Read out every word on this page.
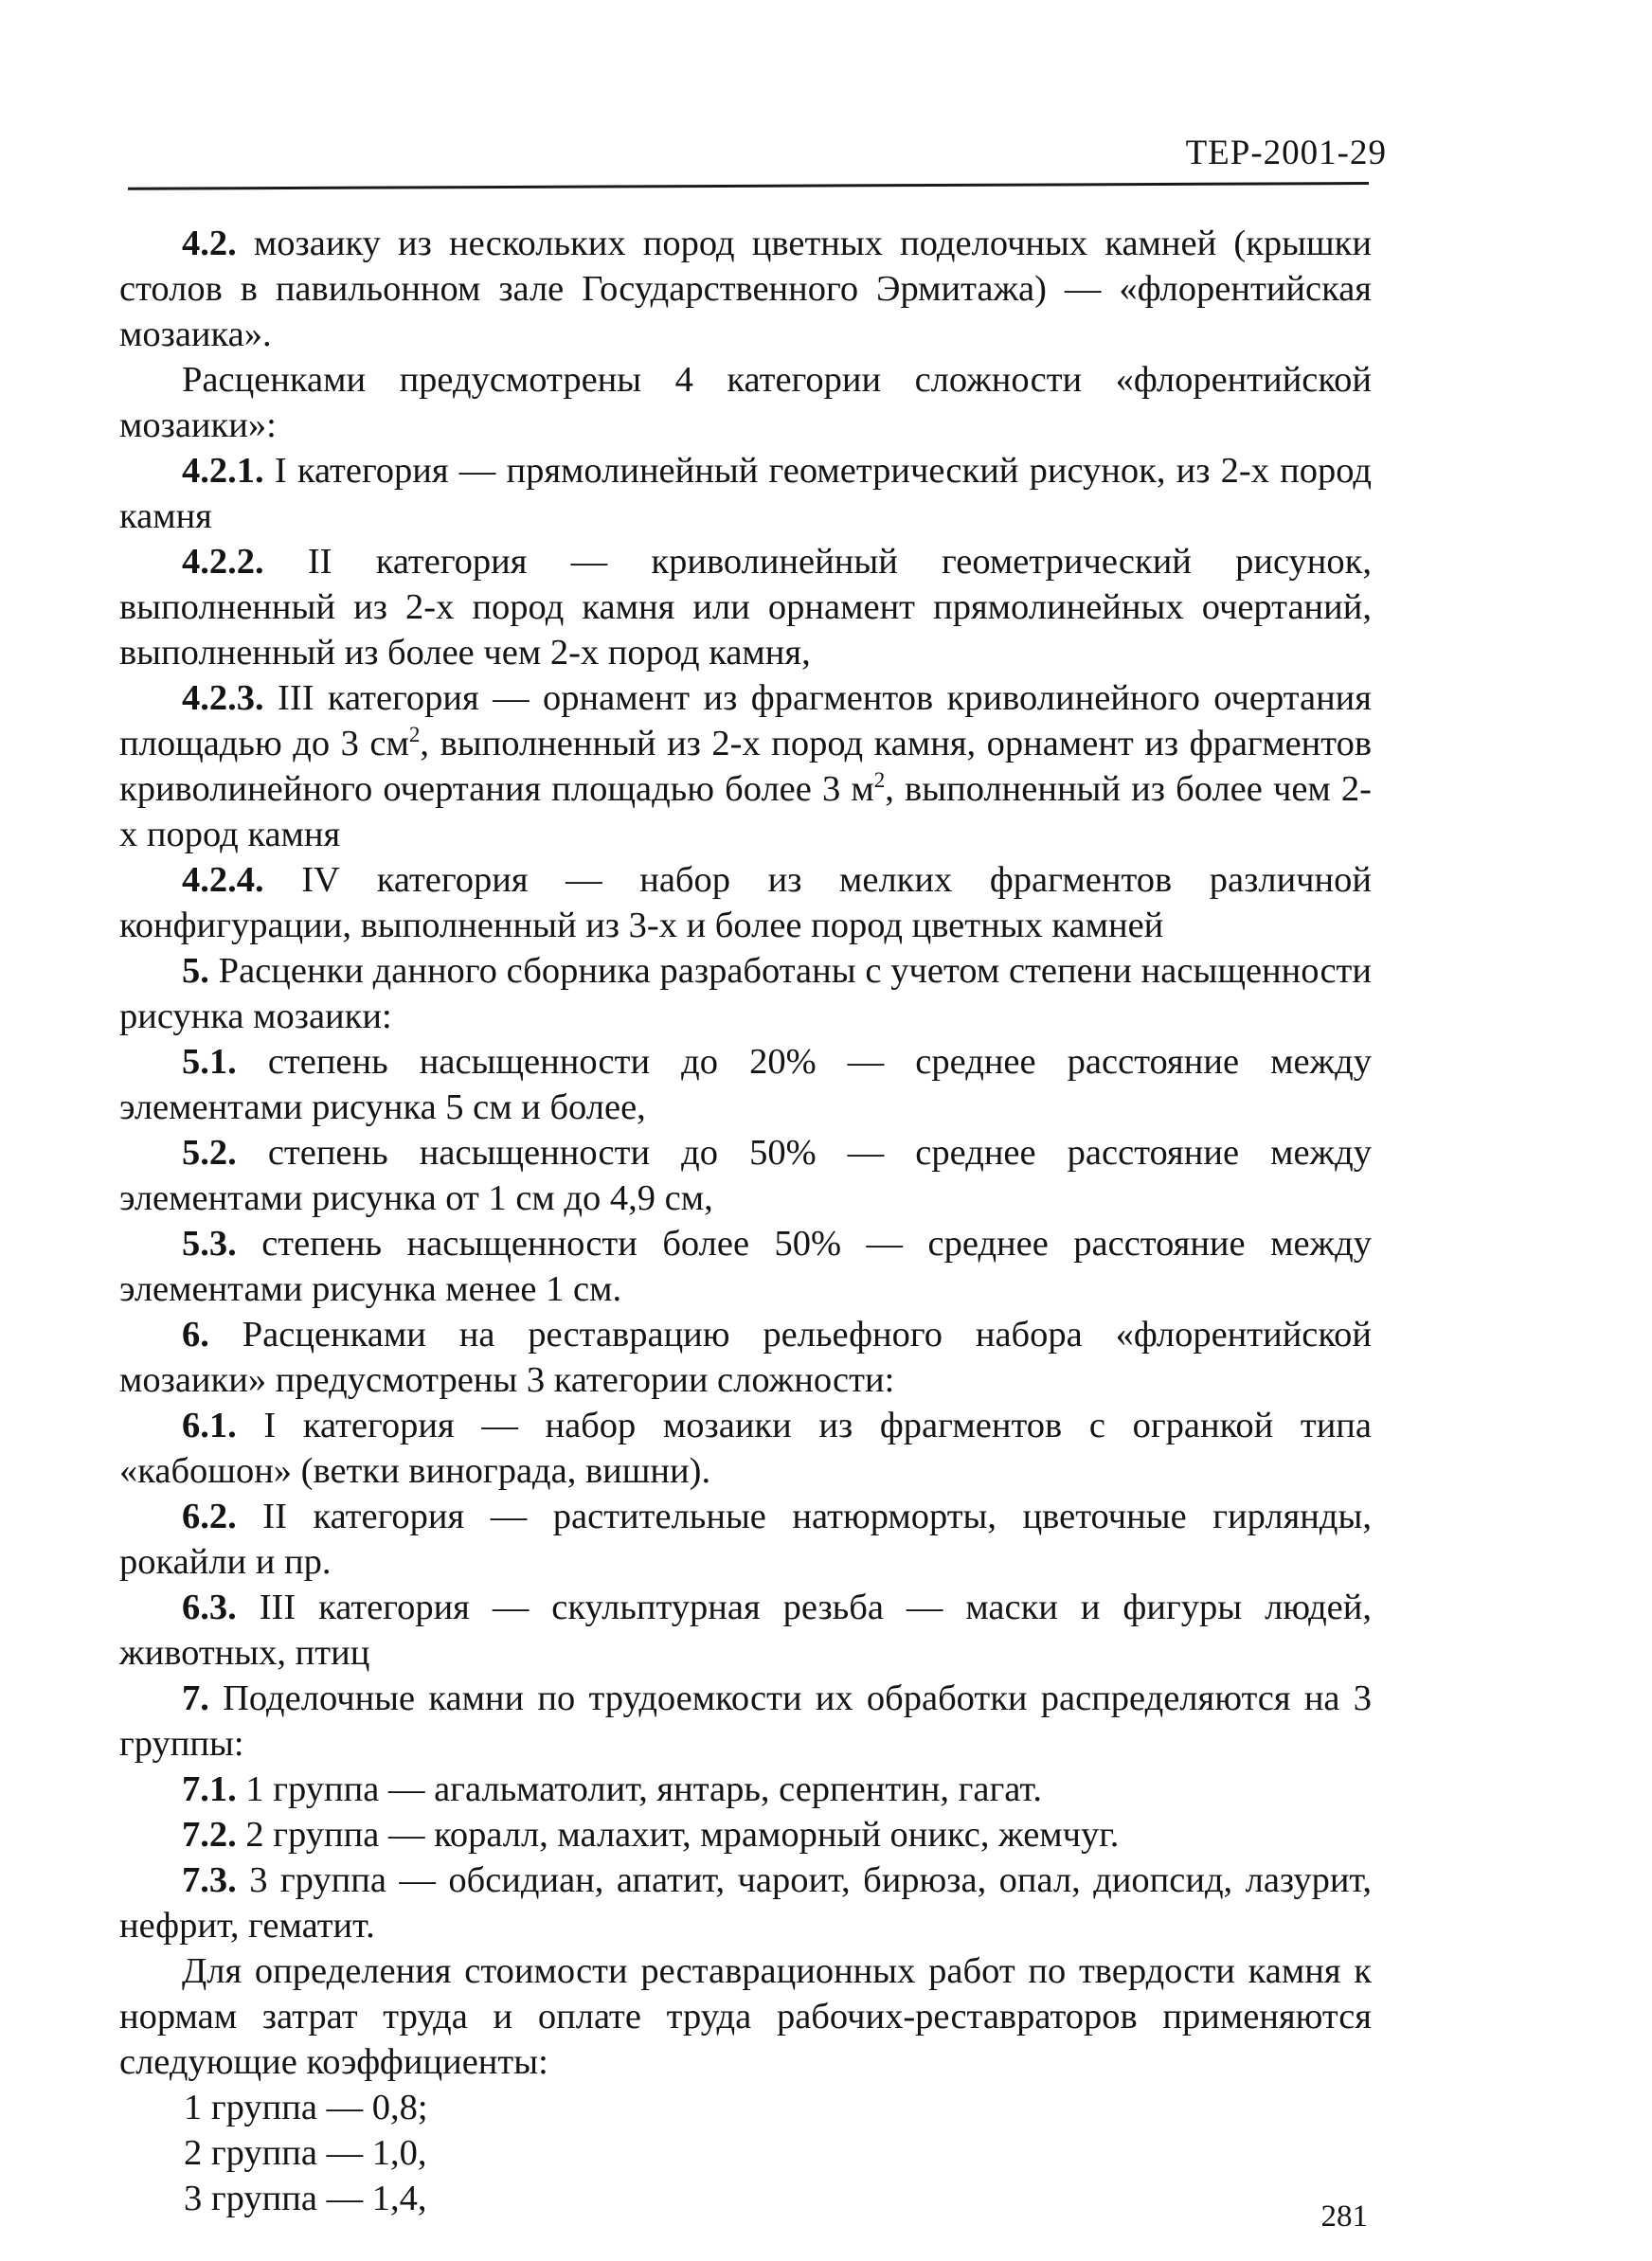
ТЕР-2001-29

4.2. мозаику из нескольких пород цветных поделочных камней (крышки столов в павильонном зале Государственного Эрмитажа) — «флорентийская мозаика».

Расценками предусмотрены 4 категории сложности «флорентийской мозаики»:

4.2.1. I категория — прямолинейный геометрический рисунок, из 2-х пород камня

4.2.2. II категория — криволинейный геометрический рисунок, выполненный из 2-х пород камня или орнамент прямолинейных очертаний, выполненный из более чем 2-х пород камня,

4.2.3. III категория — орнамент из фрагментов криволинейного очертания площадью до 3 $см^2$, выполненный из 2-х пород камня, орнамент из фрагментов криволинейного очертания площадью более 3 $м^2$, выполненный из более чем 2-х пород камня

4.2.4. IV категория — набор из мелких фрагментов различной конфигурации, выполненный из 3-х и более пород цветных камней

5. Расценки данного сборника разработаны с учетом степени насыщенности рисунка мозаики:

5.1. степень насыщенности до 20% — среднее расстояние между элементами рисунка 5 см и более,

5.2. степень насыщенности до 50% — среднее расстояние между элементами рисунка от 1 см до 4,9 см,

5.3. степень насыщенности более 50% — среднее расстояние между элементами рисунка менее 1 см.

6. Расценками на реставрацию рельефного набора «флорентийской мозаики» предусмотрены 3 категории сложности:

6.1. I категория — набор мозаики из фрагментов с огранкой типа «кабошон» (ветки винограда, вишни).

6.2. II категория — растительные натюрморты, цветочные гирлянды, рокайли и пр.

6.3. III категория — скульптурная резьба — маски и фигуры людей, животных, птиц

7. Поделочные камни по трудоемкости их обработки распределяются на 3 группы:

7.1. 1 группа — агальматолит, янтарь, серпентин, гагат.

7.2. 2 группа — коралл, малахит, мраморный оникс, жемчуг.

7.3. 3 группа — обсидиан, апатит, чароит, бирюза, опал, диопсид, лазурит, нефрит, гематит.

Для определения стоимости реставрационных работ по твердости камня к нормам затрат труда и оплате труда рабочих-реставраторов применяются следующие коэффициенты:

1 группа — 0,8;

2 группа — 1,0,

3 группа — 1,4,	281
